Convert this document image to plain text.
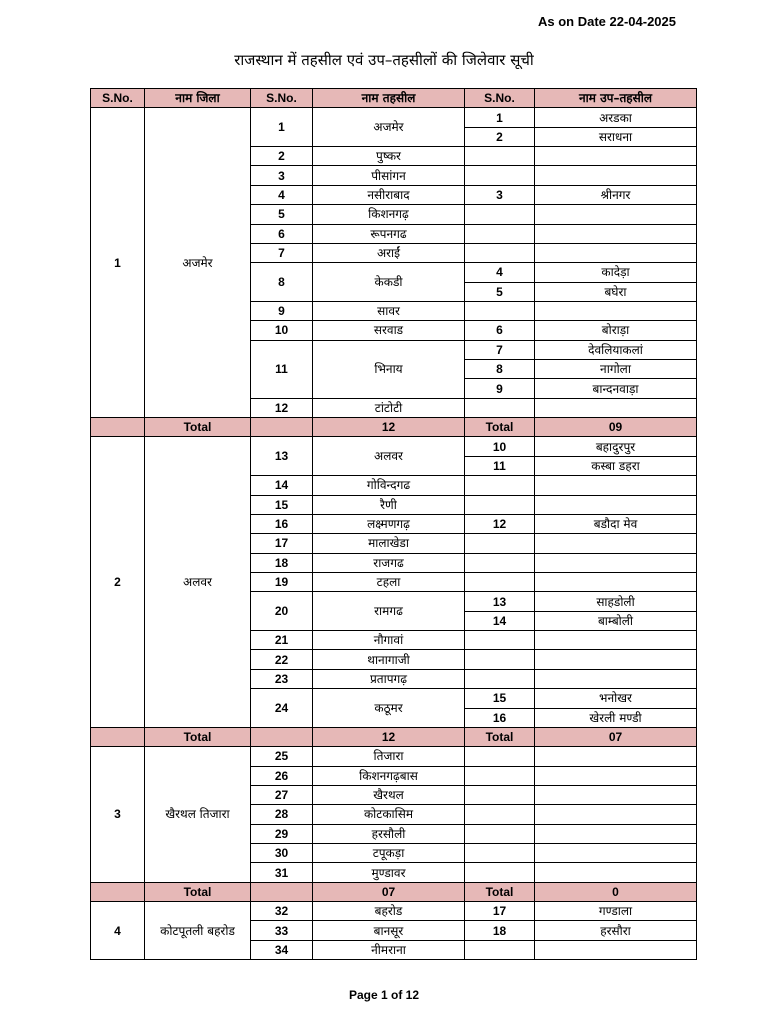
As on Date 22-04-2025
राजस्थान में तहसील एवं उप–तहसीलों की जिलेवार सूची
S.No.	नाम जिला	S.No.	नाम तहसील	S.No.	नाम उप–तहसील
1	अजमेर	1	अजमेर	1	अरडका
				2	सराधना
		2	पुष्कर		
		3	पीसांगन		
		4	नसीराबाद	3	श्रीनगर
		5	किशनगढ़		
		6	रूपनगढ		
		7	अराईं		
		8	केकडी	4	कादेड़ा
				5	बघेरा
		9	सावर		
		10	सरवाड	6	बोराड़ा
		11	भिनाय	7	देवलियाकलां
				8	नागोला
				9	बान्दनवाड़ा
		12	टांटोटी		
	Total		12	Total	09
2	अलवर	13	अलवर	10	बहादुरपुर
				11	कस्बा डहरा
		14	गोविन्दगढ		
		15	रैणी		
		16	लक्ष्मणगढ़	12	बडौदा मेव
		17	मालाखेडा		
		18	राजगढ		
		19	टहला		
		20	रामगढ	13	साहडोली
				14	बाम्बोली
		21	नौगावां		
		22	थानागाजी		
		23	प्रतापगढ़		
		24	कठूमर	15	भनोखर
				16	खेरली मण्डी
	Total		12	Total	07
3	खैरथल तिजारा	25	तिजारा		
		26	किशनगढ़बास		
		27	खैरथल		
		28	कोटकासिम		
		29	हरसौली		
		30	टपूकड़ा		
		31	मुण्डावर		
	Total		07	Total	0
4	कोटपूतली बहरोड	32	बहरोड	17	गण्डाला
		33	बानसूर	18	हरसौरा
		34	नीमराना		
Page 1 of 12
